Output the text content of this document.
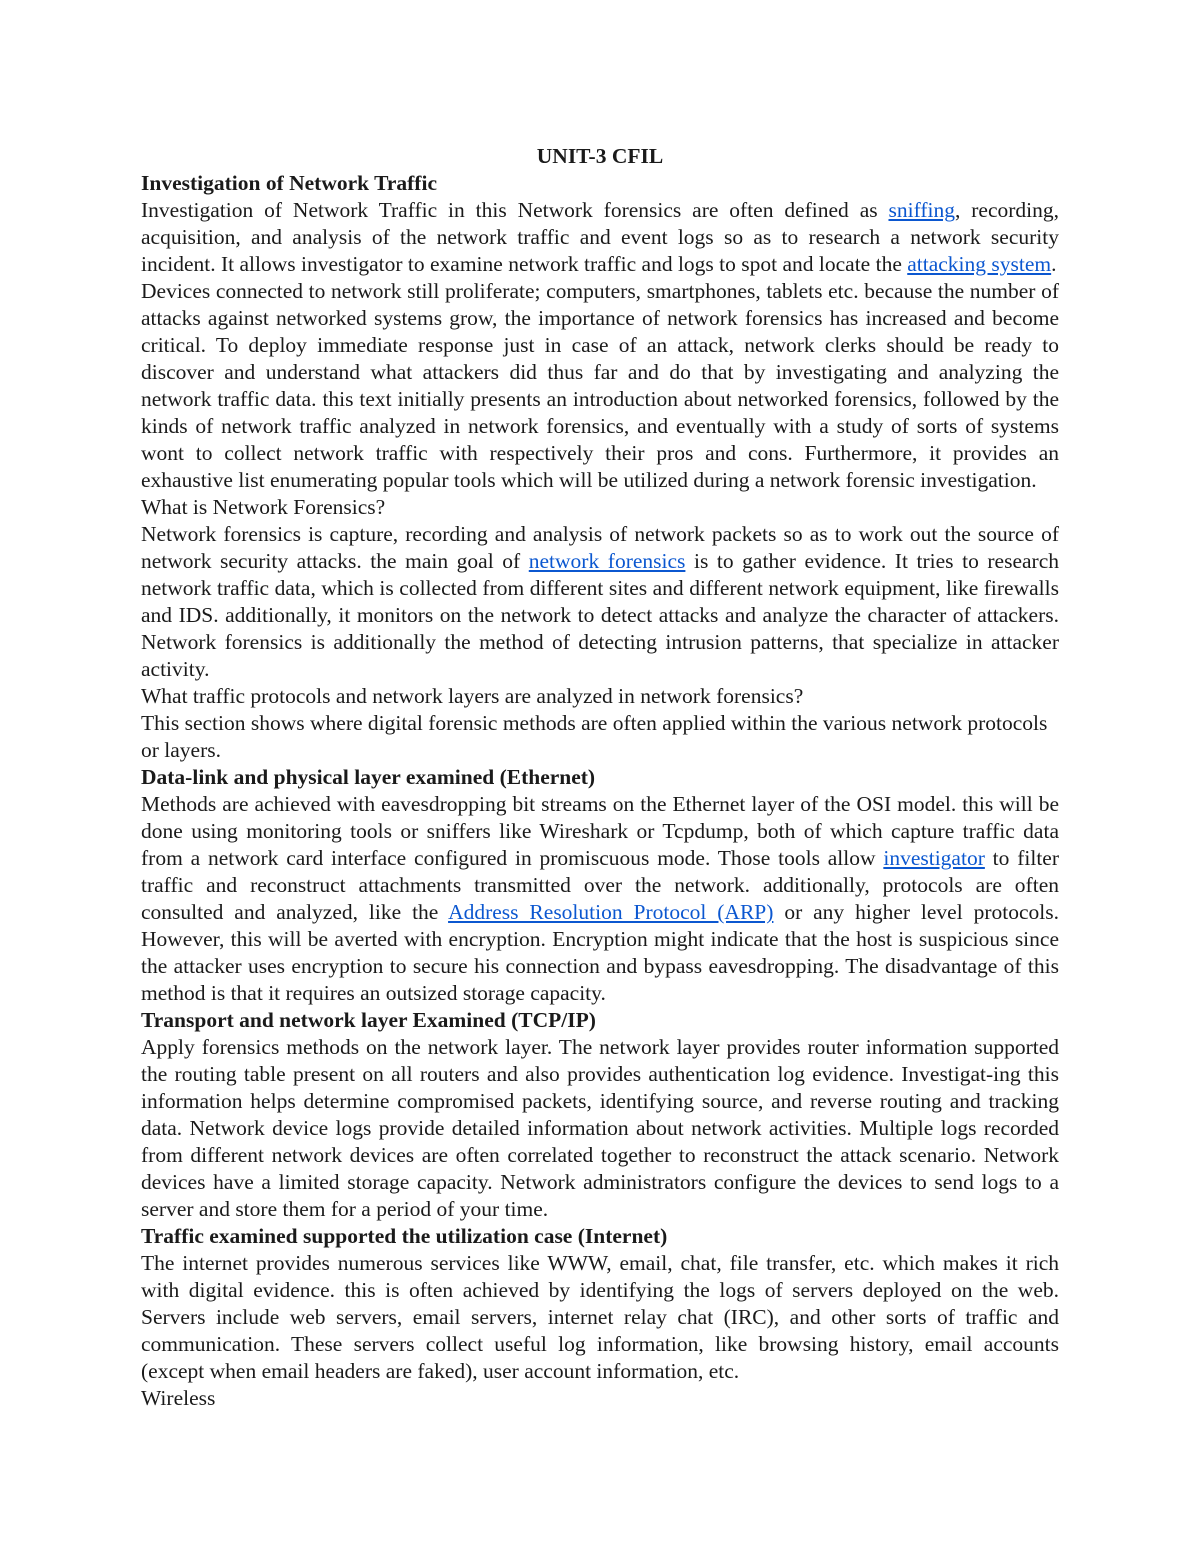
UNIT-3 CFIL
Investigation of Network Traffic

Investigation of Network Traffic in this Network forensics are often defined as sniffing, recording, acquisition, and analysis of the network traffic and event logs so as to research a network security incident. It allows investigator to examine network traffic and logs to spot and locate the attacking system.

Devices connected to network still proliferate; computers, smartphones, tablets etc. because the number of attacks against networked systems grow, the importance of network forensics has increased and become critical. To deploy immediate response just in case of an attack, network clerks should be ready to discover and understand what attackers did thus far and do that by investigating and analyzing the network traffic data. this text initially presents an introduction about networked forensics, followed by the kinds of network traffic analyzed in network forensics, and eventually with a study of sorts of systems wont to collect network traffic with respectively their pros and cons. Furthermore, it provides an exhaustive list enumerating popular tools which will be utilized during a network forensic investigation.

What is Network Forensics?

Network forensics is capture, recording and analysis of network packets so as to work out the source of network security attacks. the main goal of network forensics is to gather evidence. It tries to research network traffic data, which is collected from different sites and different network equipment, like firewalls and IDS. additionally, it monitors on the network to detect attacks and analyze the character of attackers. Network forensics is additionally the method of detecting intrusion patterns, that specialize in attacker activity.

What traffic protocols and network layers are analyzed in network forensics?

This section shows where digital forensic methods are often applied within the various network protocols or layers.

Data-link and physical layer examined (Ethernet)

Methods are achieved with eavesdropping bit streams on the Ethernet layer of the OSI model. this will be done using monitoring tools or sniffers like Wireshark or Tcpdump, both of which capture traffic data from a network card interface configured in promiscuous mode. Those tools allow investigator to filter traffic and reconstruct attachments transmitted over the network. additionally, protocols are often consulted and analyzed, like the Address Resolution Protocol (ARP) or any higher level protocols. However, this will be averted with encryption. Encryption might indicate that the host is suspicious since the attacker uses encryption to secure his connection and bypass eavesdropping. The disadvantage of this method is that it requires an outsized storage capacity.

Transport and network layer Examined (TCP/IP)

Apply forensics methods on the network layer. The network layer provides router information supported the routing table present on all routers and also provides authentication log evidence. Investigat-ing this information helps determine compromised packets, identifying source, and reverse routing and tracking data. Network device logs provide detailed information about network activities. Multiple logs recorded from different network devices are often correlated together to reconstruct the attack scenario. Network devices have a limited storage capacity. Network administrators configure the devices to send logs to a server and store them for a period of your time.

Traffic examined supported the utilization case (Internet)

The internet provides numerous services like WWW, email, chat, file transfer, etc. which makes it rich with digital evidence. this is often achieved by identifying the logs of servers deployed on the web. Servers include web servers, email servers, internet relay chat (IRC), and other sorts of traffic and communication. These servers collect useful log information, like browsing history, email accounts (except when email headers are faked), user account information, etc.

Wireless
